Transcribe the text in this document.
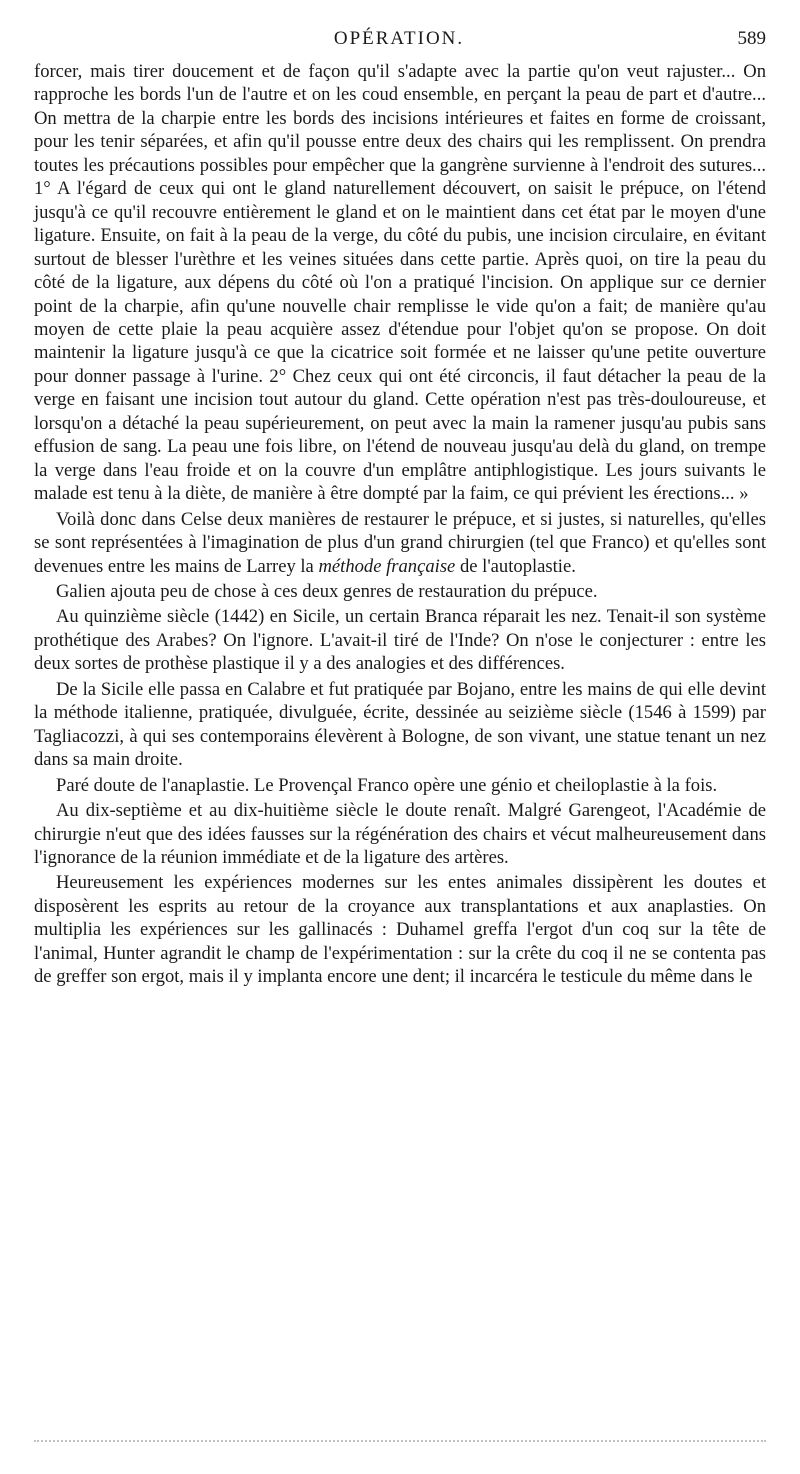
OPÉRATION.	589

forcer, mais tirer doucement et de façon qu'il s'adapte avec la partie qu'on veut rajuster... On rapproche les bords l'un de l'autre et on les coud ensemble, en perçant la peau de part et d'autre... On mettra de la charpie entre les bords des incisions intérieures et faites en forme de croissant, pour les tenir séparées, et afin qu'il pousse entre deux des chairs qui les remplissent. On prendra toutes les précautions possibles pour empêcher que la gangrène survienne à l'endroit des sutures... 1° A l'égard de ceux qui ont le gland naturellement découvert, on saisit le prépuce, on l'étend jusqu'à ce qu'il recouvre entièrement le gland et on le maintient dans cet état par le moyen d'une ligature. Ensuite, on fait à la peau de la verge, du côté du pubis, une incision circulaire, en évitant surtout de blesser l'urèthre et les veines situées dans cette partie. Après quoi, on tire la peau du côté de la ligature, aux dépens du côté où l'on a pratiqué l'incision. On applique sur ce dernier point de la charpie, afin qu'une nouvelle chair remplisse le vide qu'on a fait; de manière qu'au moyen de cette plaie la peau acquière assez d'étendue pour l'objet qu'on se propose. On doit maintenir la ligature jusqu'à ce que la cicatrice soit formée et ne laisser qu'une petite ouverture pour donner passage à l'urine. 2° Chez ceux qui ont été circoncis, il faut détacher la peau de la verge en faisant une incision tout autour du gland. Cette opération n'est pas très-douloureuse, et lorsqu'on a détaché la peau supérieurement, on peut avec la main la ramener jusqu'au pubis sans effusion de sang. La peau une fois libre, on l'étend de nouveau jusqu'au delà du gland, on trempe la verge dans l'eau froide et on la couvre d'un emplâtre antiphlogistique. Les jours suivants le malade est tenu à la diète, de manière à être dompté par la faim, ce qui prévient les érections... »

Voilà donc dans Celse deux manières de restaurer le prépuce, et si justes, si naturelles, qu'elles se sont représentées à l'imagination de plus d'un grand chirurgien (tel que Franco) et qu'elles sont devenues entre les mains de Larrey la méthode française de l'autoplastie.

Galien ajouta peu de chose à ces deux genres de restauration du prépuce.

Au quinzième siècle (1442) en Sicile, un certain Branca réparait les nez. Tenait-il son système prothétique des Arabes? On l'ignore. L'avait-il tiré de l'Inde? On n'ose le conjecturer : entre les deux sortes de prothèse plastique il y a des analogies et des différences.

De la Sicile elle passa en Calabre et fut pratiquée par Bojano, entre les mains de qui elle devint la méthode italienne, pratiquée, divulguée, écrite, dessinée au seizième siècle (1546 à 1599) par Tagliacozzi, à qui ses contemporains élevèrent à Bologne, de son vivant, une statue tenant un nez dans sa main droite.

Paré doute de l'anaplastie. Le Provençal Franco opère une génio et cheiloplastie à la fois.

Au dix-septième et au dix-huitième siècle le doute renaît. Malgré Garengeot, l'Académie de chirurgie n'eut que des idées fausses sur la régénération des chairs et vécut malheureusement dans l'ignorance de la réunion immédiate et de la ligature des artères.

Heureusement les expériences modernes sur les entes animales dissipèrent les doutes et disposèrent les esprits au retour de la croyance aux transplantations et aux anaplasties. On multiplia les expériences sur les gallinacés : Duhamel greffa l'ergot d'un coq sur la tête de l'animal, Hunter agrandit le champ de l'expérimentation : sur la crête du coq il ne se contenta pas de greffer son ergot, mais il y implanta encore une dent; il incarcéra le testicule du même dans le
